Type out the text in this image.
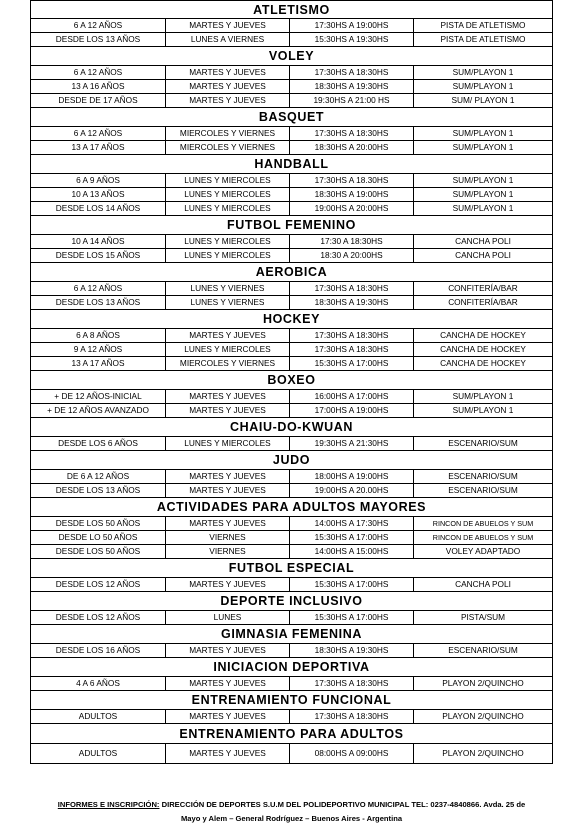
ATLETISMO
6 A 12 AÑOS	MARTES Y JUEVES	17:30HS A 19:00HS	PISTA DE ATLETISMO
DESDE LOS 13 AÑOS	LUNES A VIERNES	15:30HS A 19:30HS	PISTA DE ATLETISMO
VOLEY
6 A 12 AÑOS	MARTES Y JUEVES	17:30HS A 18:30HS	SUM/PLAYON 1
13 A 16 AÑOS	MARTES Y JUEVES	18:30HS A 19:30HS	SUM/PLAYON 1
DESDE DE 17 AÑOS	MARTES Y JUEVES	19:30HS A 21:00 HS	SUM/ PLAYON 1
BASQUET
6 A 12 AÑOS	MIERCOLES Y VIERNES	17:30HS A 18:30HS	SUM/PLAYON 1
13 A 17 AÑOS	MIERCOLES Y VIERNES	18:30HS A 20:00HS	SUM/PLAYON 1
HANDBALL
6 A 9 AÑOS	LUNES Y MIERCOLES	17:30HS A 18.30HS	SUM/PLAYON 1
10 A 13 AÑOS	LUNES Y MIERCOLES	18:30HS A 19:00HS	SUM/PLAYON 1
DESDE LOS 14 AÑOS	LUNES Y MIERCOLES	19:00HS A 20:00HS	SUM/PLAYON 1
FUTBOL FEMENINO
10 A 14 AÑOS	LUNES Y MIERCOLES	17:30 A 18:30HS	CANCHA POLI
DESDE LOS 15 AÑOS	LUNES Y MIERCOLES	18:30 A 20:00HS	CANCHA POLI
AEROBICA
6 A 12 AÑOS	LUNES Y VIERNES	17:30HS A 18:30HS	CONFITERÍA/BAR
DESDE LOS 13 AÑOS	LUNES Y VIERNES	18:30HS A 19:30HS	CONFITERÍA/BAR
HOCKEY
6 A 8 AÑOS	MARTES Y JUEVES	17:30HS A 18:30HS	CANCHA DE HOCKEY
9 A 12 AÑOS	LUNES Y MIERCOLES	17:30HS A 18:30HS	CANCHA DE HOCKEY
13 A 17 AÑOS	MIERCOLES Y VIERNES	15:30HS A 17:00HS	CANCHA DE HOCKEY
BOXEO
+ DE 12 AÑOS-INICIAL	MARTES Y JUEVES	16:00HS A 17:00HS	SUM/PLAYON 1
+ DE 12 AÑOS AVANZADO	MARTES Y JUEVES	17:00HS A 19:00HS	SUM/PLAYON 1
CHAIU-DO-KWUAN
DESDE LOS 6 AÑOS	LUNES Y MIERCOLES	19:30HS A 21:30HS	ESCENARIO/SUM
JUDO
DE 6 A 12 AÑOS	MARTES Y JUEVES	18:00HS A 19:00HS	ESCENARIO/SUM
DESDE LOS 13 AÑOS	MARTES Y JUEVES	19:00HS A 20.00HS	ESCENARIO/SUM
ACTIVIDADES PARA ADULTOS MAYORES
DESDE LOS 50 AÑOS	MARTES Y JUEVES	14:00HS A 17:30HS	RINCON DE ABUELOS Y SUM
DESDE LO 50 AÑOS	VIERNES	15:30HS A 17:00HS	RINCON DE ABUELOS Y SUM
DESDE LOS 50 AÑOS	VIERNES	14:00HS A 15:00HS	VOLEY ADAPTADO
FUTBOL ESPECIAL
DESDE LOS 12 AÑOS	MARTES Y JUEVES	15:30HS A 17:00HS	CANCHA POLI
DEPORTE INCLUSIVO
DESDE LOS 12 AÑOS	LUNES	15:30HS A 17:00HS	PISTA/SUM
GIMNASIA FEMENINA
DESDE LOS 16 AÑOS	MARTES Y JUEVES	18:30HS A 19:30HS	ESCENARIO/SUM
INICIACION DEPORTIVA
4 A 6 AÑOS	MARTES Y JUEVES	17:30HS A 18:30HS	PLAYON 2/QUINCHO
ENTRENAMIENTO FUNCIONAL
ADULTOS	MARTES Y JUEVES	17:30HS A 18:30HS	PLAYON 2/QUINCHO
ENTRENAMIENTO PARA ADULTOS
ADULTOS	MARTES Y JUEVES	08:00HS A 09:00HS	PLAYON 2/QUINCHO
INFORMES E INSCRIPCIÓN: DIRECCIÓN DE DEPORTES S.U.M DEL POLIDEPORTIVO MUNICIPAL TEL: 0237-4840866. Avda. 25 de
Mayo y Alem – General Rodríguez – Buenos Aires - Argentina
